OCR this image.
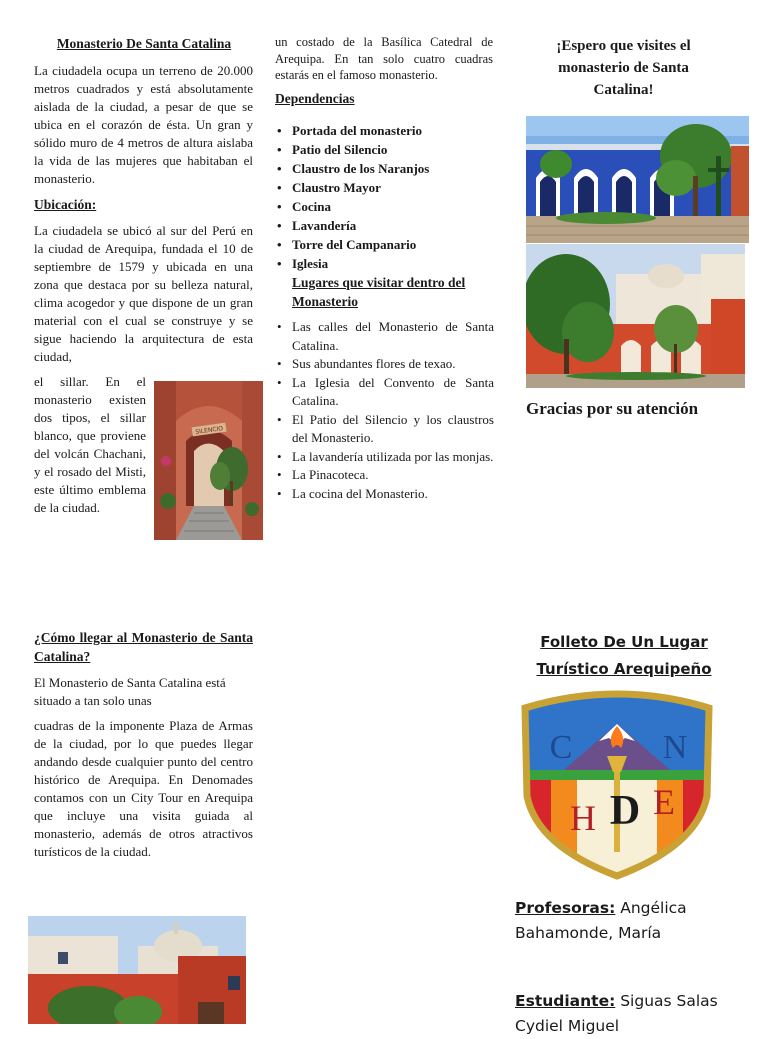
Monasterio De Santa Catalina
La ciudadela ocupa un terreno de 20.000 metros cuadrados y está absolutamente aislada de la ciudad, a pesar de que se ubica en el corazón de ésta. Un gran y sólido muro de 4 metros de altura aislaba la vida de las mujeres que habitaban el monasterio.
Ubicación:
La ciudadela se ubicó al sur del Perú en la ciudad de Arequipa, fundada el 10 de septiembre de 1579 y ubicada en una zona que destaca por su belleza natural, clima acogedor y que dispone de un gran material con el cual se construye y se sigue haciendo la arquitectura de esta ciudad,
el sillar. En el monasterio existen dos tipos, el sillar blanco, que proviene del volcán Chachani, y el rosado del Misti, este último emblema de la ciudad.
SILENCIO
un costado de la Basílica Catedral de Arequipa. En tan solo cuatro cuadras estarás en el famoso monasterio.
Dependencias
• Portada del monasterio
• Patio del Silencio
• Claustro de los Naranjos
• Claustro Mayor
• Cocina
• Lavandería
• Torre del Campanario
• Iglesia
Lugares que visitar dentro del Monasterio
• Las calles del Monasterio de Santa Catalina.
• Sus abundantes flores de texao.
• La Iglesia del Convento de Santa Catalina.
• El Patio del Silencio y los claustros del Monasterio.
• La lavandería utilizada por las monjas.
• La Pinacoteca.
• La cocina del Monasterio.
¡Espero que visites el monasterio de Santa Catalina!
Gracias por su atención
¿Cómo llegar al Monasterio de Santa Catalina?
El Monasterio de Santa Catalina está situado a tan solo unas
cuadras de la imponente Plaza de Armas de la ciudad, por lo que puedes llegar andando desde cualquier punto del centro histórico de Arequipa. En Denomades contamos con un City Tour en Arequipa que incluye una visita guiada al monasterio, además de otros atractivos turísticos de la ciudad.
Folleto De Un Lugar Turístico Arequipeño
C	N
H D E
Profesoras: Angélica Bahamonde, María
Estudiante: Siguas Salas Cydiel Miguel
